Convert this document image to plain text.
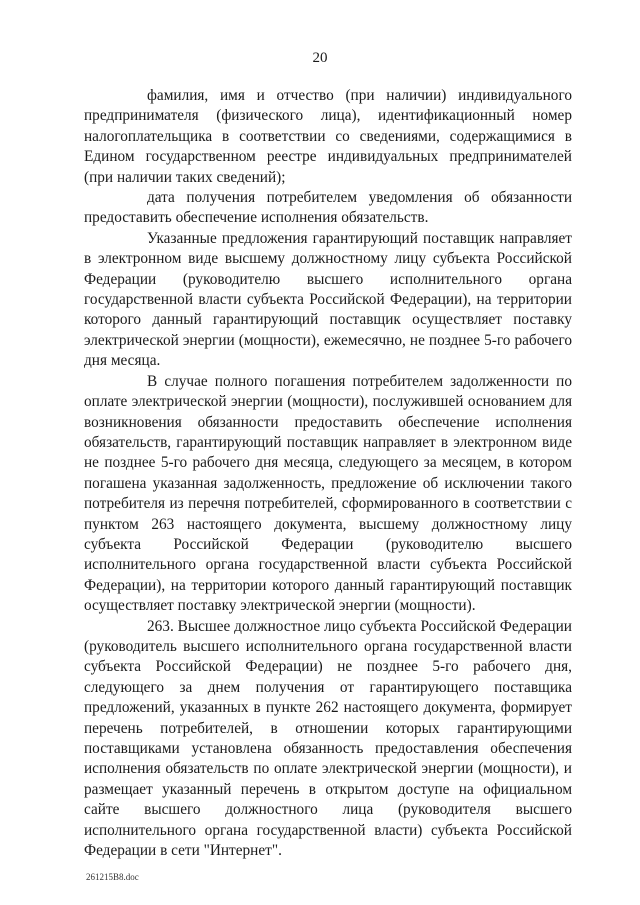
20

фамилия, имя и отчество (при наличии) индивидуального предпринимателя (физического лица), идентификационный номер налогоплательщика в соответствии со сведениями, содержащимися в Едином государственном реестре индивидуальных предпринимателей (при наличии таких сведений);

дата получения потребителем уведомления об обязанности предоставить обеспечение исполнения обязательств.

Указанные предложения гарантирующий поставщик направляет в электронном виде высшему должностному лицу субъекта Российской Федерации (руководителю высшего исполнительного органа государственной власти субъекта Российской Федерации), на территории которого данный гарантирующий поставщик осуществляет поставку электрической энергии (мощности), ежемесячно, не позднее 5-го рабочего дня месяца.

В случае полного погашения потребителем задолженности по оплате электрической энергии (мощности), послужившей основанием для возникновения обязанности предоставить обеспечение исполнения обязательств, гарантирующий поставщик направляет в электронном виде не позднее 5-го рабочего дня месяца, следующего за месяцем, в котором погашена указанная задолженность, предложение об исключении такого потребителя из перечня потребителей, сформированного в соответствии с пунктом 263 настоящего документа, высшему должностному лицу субъекта Российской Федерации (руководителю высшего исполнительного органа государственной власти субъекта Российской Федерации), на территории которого данный гарантирующий поставщик осуществляет поставку электрической энергии (мощности).

263. Высшее должностное лицо субъекта Российской Федерации (руководитель высшего исполнительного органа государственной власти субъекта Российской Федерации) не позднее 5-го рабочего дня, следующего за днем получения от гарантирующего поставщика предложений, указанных в пункте 262 настоящего документа, формирует перечень потребителей, в отношении которых гарантирующими поставщиками установлена обязанность предоставления обеспечения исполнения обязательств по оплате электрической энергии (мощности), и размещает указанный перечень в открытом доступе на официальном сайте высшего должностного лица (руководителя высшего исполнительного органа государственной власти) субъекта Российской Федерации в сети "Интернет".

261215B8.doc
